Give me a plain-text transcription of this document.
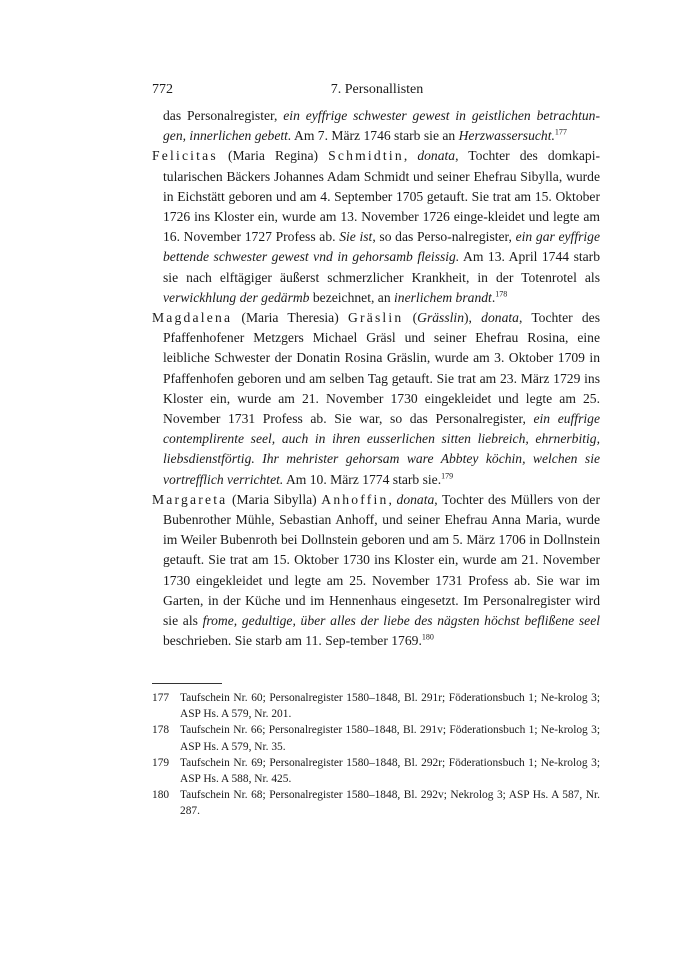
772	7. Personallisten

das Personalregister, ein eyffrige schwester gewest in geistlichen betrachtun-gen, innerlichen gebett. Am 7. März 1746 starb sie an Herzwassersucht.$^{177}$

Felicitas (Maria Regina) Schmidtin, donata, Tochter des domkapi-tularischen Bäckers Johannes Adam Schmidt und seiner Ehefrau Sibylla, wurde in Eichstätt geboren und am 4. September 1705 getauft. Sie trat am 15. Oktober 1726 ins Kloster ein, wurde am 13. November 1726 einge-kleidet und legte am 16. November 1727 Profess ab. Sie ist, so das Perso-nalregister, ein gar eyffrige bettende schwester gewest vnd in gehorsamb fleissig. Am 13. April 1744 starb sie nach elftägiger äußerst schmerzlicher Krankheit, in der Totenrotel als verwickhlung der gedärmb bezeichnet, an inerlichem brandt.$^{178}$

Magdalena (Maria Theresia) Gräslin (Grässlin), donata, Tochter des Pfaffenhofener Metzgers Michael Gräsl und seiner Ehefrau Rosina, eine leibliche Schwester der Donatin Rosina Gräslin, wurde am 3. Oktober 1709 in Pfaffenhofen geboren und am selben Tag getauft. Sie trat am 23. März 1729 ins Kloster ein, wurde am 21. November 1730 eingekleidet und legte am 25. November 1731 Profess ab. Sie war, so das Personalregister, ein euffrige contemplirente seel, auch in ihren eusserlichen sitten liebreich, ehrnerbitig, liebsdienstförtig. Ihr mehrister gehorsam ware Abbtey köchin, welchen sie vortrefflich verrichtet. Am 10. März 1774 starb sie.$^{179}$

Margareta (Maria Sibylla) Anhoffin, donata, Tochter des Müllers von der Bubenrother Mühle, Sebastian Anhoff, und seiner Ehefrau Anna Maria, wurde im Weiler Bubenroth bei Dollnstein geboren und am 5. März 1706 in Dollnstein getauft. Sie trat am 15. Oktober 1730 ins Kloster ein, wurde am 21. November 1730 eingekleidet und legte am 25. November 1731 Profess ab. Sie war im Garten, in der Küche und im Hennenhaus eingesetzt. Im Personalregister wird sie als frome, gedultige, über alles der liebe des nägsten höchst beflißene seel beschrieben. Sie starb am 11. Sep-tember 1769.$^{180}$

177 Taufschein Nr. 60; Personalregister 1580–1848, Bl. 291r; Föderationsbuch 1; Ne-krolog 3; ASP Hs. A 579, Nr. 201.

178 Taufschein Nr. 66; Personalregister 1580–1848, Bl. 291v; Föderationsbuch 1; Ne-krolog 3; ASP Hs. A 579, Nr. 35.

179 Taufschein Nr. 69; Personalregister 1580–1848, Bl. 292r; Föderationsbuch 1; Ne-krolog 3; ASP Hs. A 588, Nr. 425.

180 Taufschein Nr. 68; Personalregister 1580–1848, Bl. 292v; Nekrolog 3; ASP Hs. A 587, Nr. 287.
